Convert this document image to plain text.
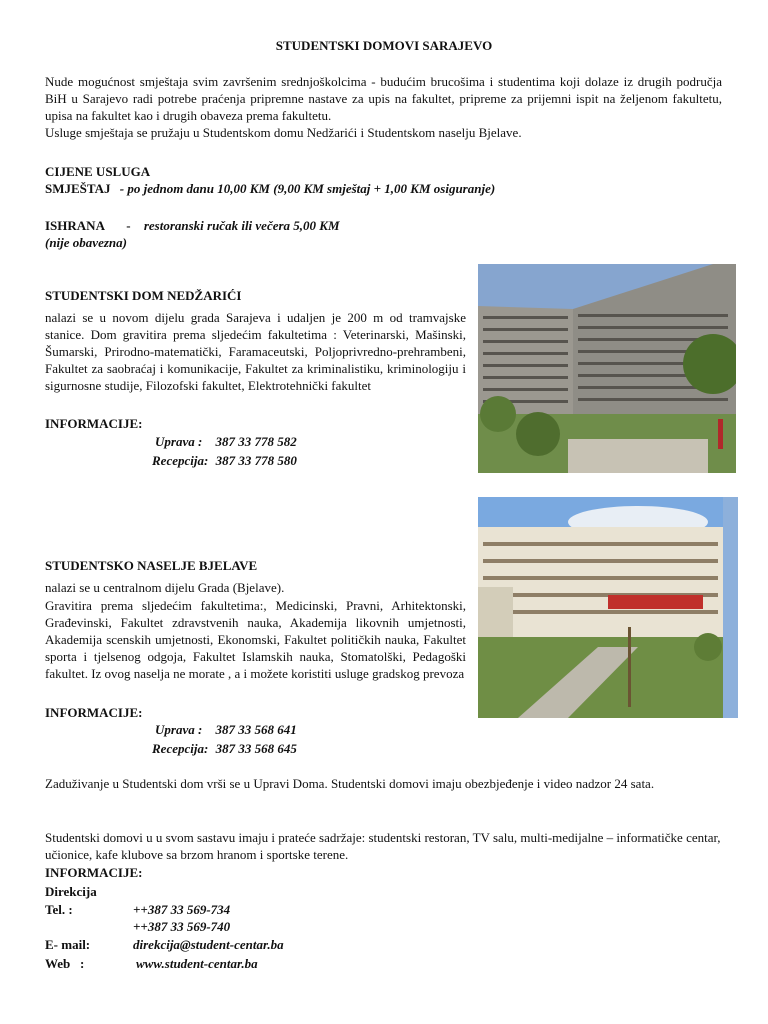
STUDENTSKI DOMOVI SARAJEVO
Nude mogućnost smještaja svim završenim srednjoškolcima - budućim brucošima i studentima koji dolaze iz drugih područja BiH u Sarajevo radi potrebe praćenja pripremne nastave za upis na fakultet, pripreme za prijemni ispit na željenom fakultetu, upisa na fakultet kao i drugih obaveza prema fakultetu.
Usluge smještaja se pružaju u Studentskom domu Nedžarići i Studentskom naselju Bjelave.
CIJENE USLUGA
SMJEŠTAJ - po jednom danu 10,00 KM (9,00 KM smještaj + 1,00 KM osiguranje)
ISHRANA - restoranski ručak ili večera 5,00 KM
(nije obavezna)
STUDENTSKI DOM NEDŽARIĆI
nalazi se u novom dijelu grada Sarajeva i udaljen je 200 m od tramvajske stanice. Dom gravitira prema sljedećim fakultetima : Veterinarski, Mašinski, Šumarski, Prirodno-matematički, Faramaceutski, Poljoprivredno-prehrambeni, Fakultet za saobraćaj i komunikacije, Fakultet za kriminalistiku, kriminologiju i sigurnosne studije, Filozofski fakultet, Elektrotehnički fakultet
INFORMACIJE:
Uprava : 387 33 778 582
Recepcija: 387 33 778 580
STUDENTSKO NASELJE BJELAVE
nalazi se u centralnom dijelu Grada (Bjelave).
Gravitira prema sljedećim fakultetima:, Medicinski, Pravni, Arhitektonski, Građevinski, Fakultet zdravstvenih nauka, Akademija likovnih umjetnosti, Akademija scenskih umjetnosti, Ekonomski, Fakultet političkih nauka, Fakultet sporta i tjelsenog odgoja, Fakultet Islamskih nauka, Stomatolški, Pedagoški fakultet. Iz ovog naselja ne morate , a i možete koristiti usluge gradskog prevoza
INFORMACIJE:
Uprava : 387 33 568 641
Recepcija: 387 33 568 645
Zaduživanje u Studentski dom vrši se u Upravi Doma. Studentski domovi imaju obezbjeđenje i video nadzor 24 sata.
Studentski domovi u u svom sastavu imaju i prateće sadržaje: studentski restoran, TV salu, multi-medijalne – informatičke centar, učionice, kafe klubove sa brzom hranom i sportske terene.
INFORMACIJE:
Direkcija
Tel. :	++387 33 569-734
++387 33 569-740
E- mail:	direkcija@student-centar.ba
Web   :	www.student-centar.ba
